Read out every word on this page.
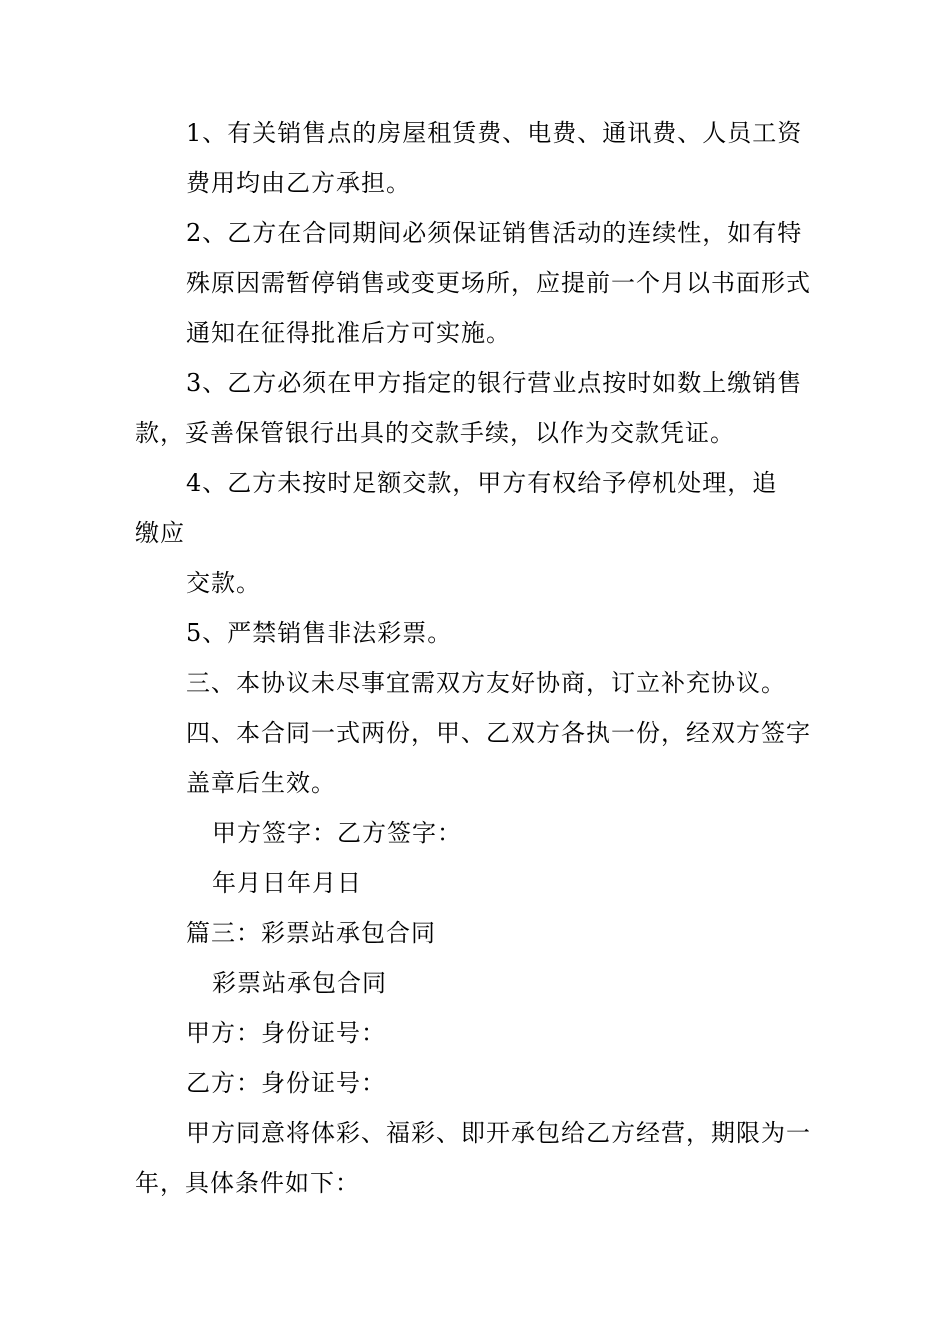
1、有关销售点的房屋租赁费、电费、通讯费、人员工资
费用均由乙方承担。
2、乙方在合同期间必须保证销售活动的连续性，如有特
殊原因需暂停销售或变更场所，应提前一个月以书面形式
通知在征得批准后方可实施。
3、乙方必须在甲方指定的银行营业点按时如数上缴销售
款，妥善保管银行出具的交款手续，以作为交款凭证。
4、乙方未按时足额交款，甲方有权给予停机处理，追
缴应
交款。
5、严禁销售非法彩票。
三、本协议未尽事宜需双方友好协商，订立补充协议。
四、本合同一式两份，甲、乙双方各执一份，经双方签字
盖章后生效。
甲方签字：乙方签字：
年月日年月日
篇三：彩票站承包合同
彩票站承包合同
甲方：身份证号：
乙方：身份证号：
甲方同意将体彩、福彩、即开承包给乙方经营，期限为一
年，具体条件如下：
